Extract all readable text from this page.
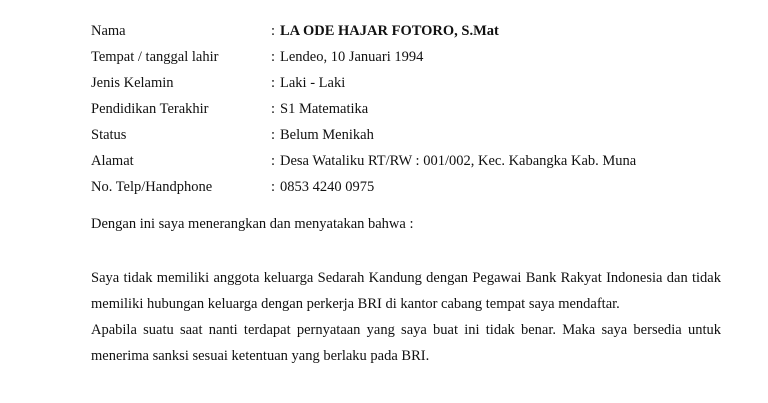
Nama	: LA ODE HAJAR FOTORO, S.Mat
Tempat / tanggal lahir	: Lendeo, 10 Januari 1994
Jenis Kelamin	: Laki - Laki
Pendidikan Terakhir	: S1 Matematika
Status	: Belum Menikah
Alamat	: Desa Wataliku RT/RW : 001/002, Kec. Kabangka Kab. Muna
No. Telp/Handphone	: 0853 4240 0975
Dengan ini saya menerangkan dan menyatakan bahwa :
Saya tidak memiliki anggota keluarga Sedarah Kandung dengan Pegawai Bank Rakyat Indonesia dan tidak memiliki hubungan keluarga dengan perkerja BRI di kantor cabang tempat saya mendaftar.
Apabila suatu saat nanti terdapat pernyataan yang saya buat ini tidak benar. Maka saya bersedia untuk menerima sanksi sesuai ketentuan yang berlaku pada BRI.
